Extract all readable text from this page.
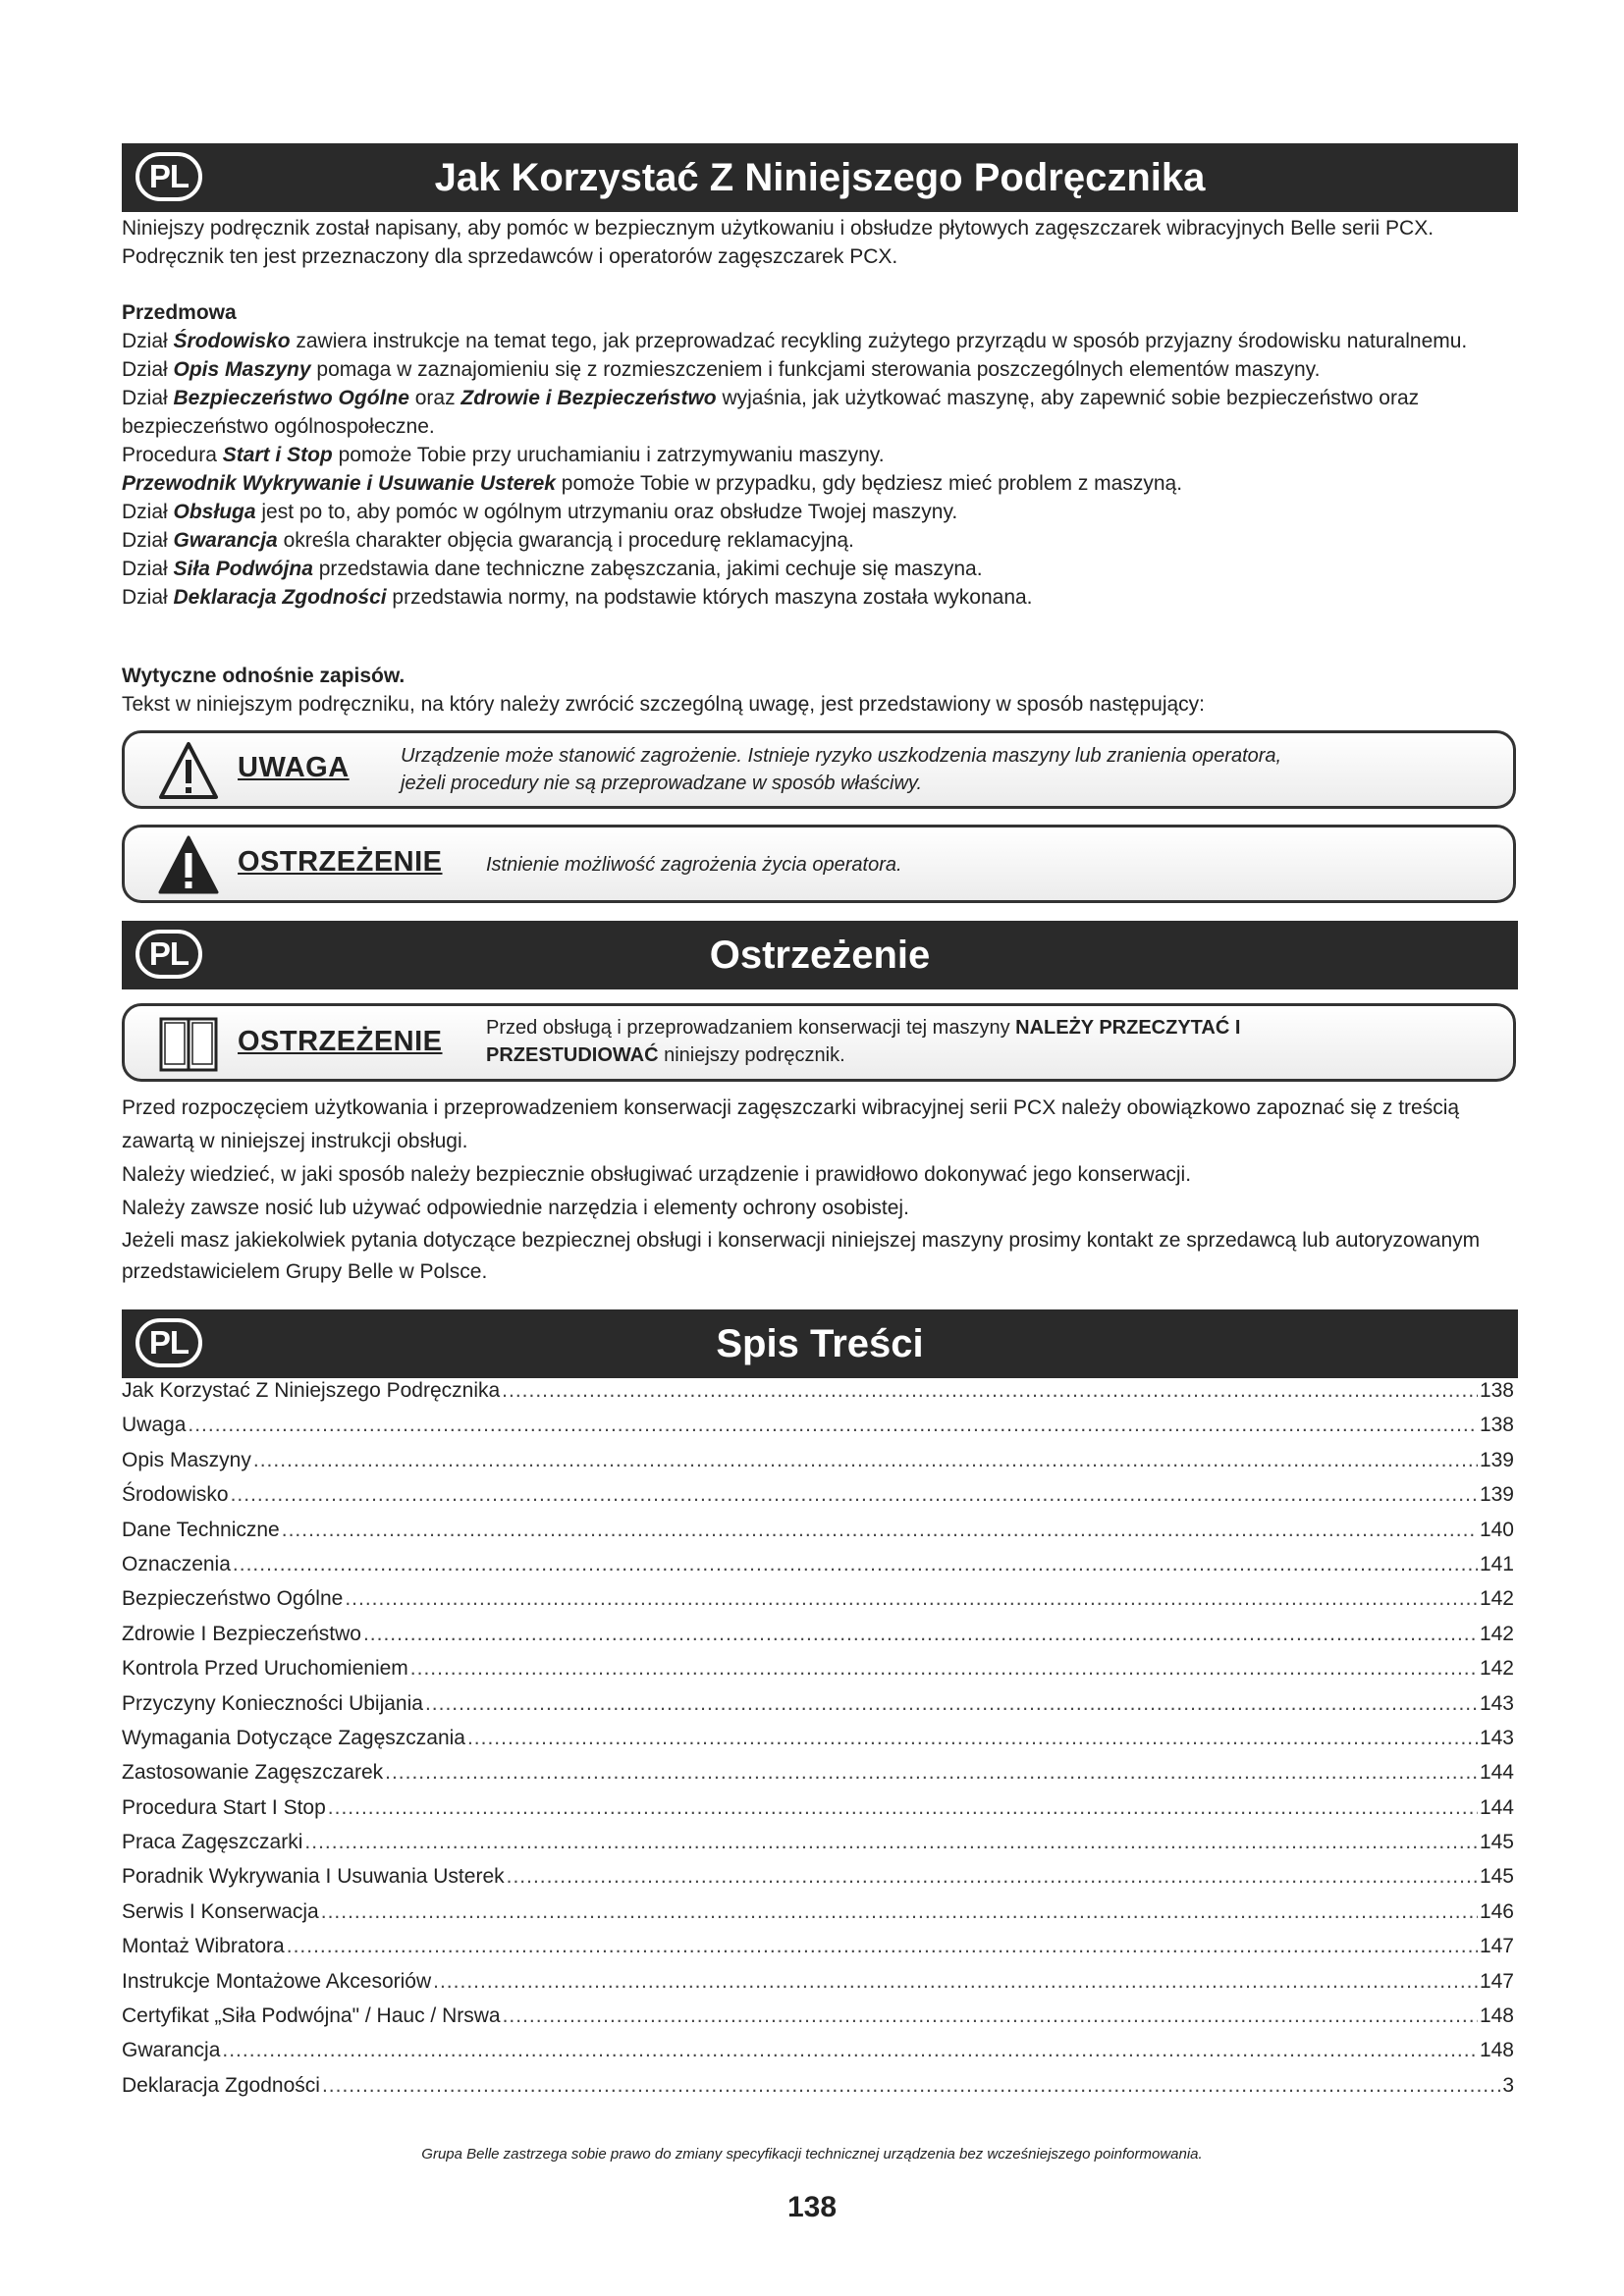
PL	Jak Korzystać Z Niniejszego Podręcznika

Niniejszy podręcznik został napisany, aby pomóc w bezpiecznym użytkowaniu i obsłudze płytowych zagęszczarek wibracyjnych Belle serii PCX. Podręcznik ten jest przeznaczony dla sprzedawców i operatorów zagęszczarek PCX.

Przedmowa

Dział Środowisko zawiera instrukcje na temat tego, jak przeprowadzać recykling zużytego przyrządu w sposób przyjazny środowisku naturalnemu.

Dział Opis Maszyny pomaga w zaznajomieniu się z rozmieszczeniem i funkcjami sterowania poszczególnych elementów maszyny.

Dział Bezpieczeństwo Ogólne oraz Zdrowie i Bezpieczeństwo wyjaśnia, jak użytkować maszynę, aby zapewnić sobie bezpieczeństwo oraz bezpieczeństwo ogólnospołeczne.

Procedura Start i Stop pomoże Tobie przy uruchamianiu i zatrzymywaniu maszyny.

Przewodnik Wykrywanie i Usuwanie Usterek pomoże Tobie w przypadku, gdy będziesz mieć problem z maszyną.

Dział Obsługa jest po to, aby pomóc w ogólnym utrzymaniu oraz obsłudze Twojej maszyny.

Dział Gwarancja określa charakter objęcia gwarancją i procedurę reklamacyjną.

Dział Siła Podwójna przedstawia dane techniczne zabęszczania, jakimi cechuje się maszyna.

Dział Deklaracja Zgodności przedstawia normy, na podstawie których maszyna została wykonana.

Wytyczne odnośnie zapisów.

Tekst w niniejszym podręczniku, na który należy zwrócić szczególną uwagę, jest przedstawiony w sposób następujący:

UWAGA	Urządzenie może stanowić zagrożenie. Istnieje ryzyko uszkodzenia maszyny lub zranienia operatora,
jeżeli procedury nie są przeprowadzane w sposób właściwy.
OSTRZEŻENIE Istnienie możliwość zagrożenia życia operatora.
PL	Ostrzeżenie
OSTRZEŻENIE Przed obsługą i przeprowadzaniem konserwacji tej maszyny NALEŻY PRZECZYTAĆ I
PRZESTUDIOWAĆ niniejszy podręcznik.

Przed rozpoczęciem użytkowania i przeprowadzeniem konserwacji zagęszczarki wibracyjnej serii PCX należy obowiązkowo zapoznać się z treścią zawartą w niniejszej instrukcji obsługi.

Należy wiedzieć, w jaki sposób należy bezpiecznie obsługiwać urządzenie i prawidłowo dokonywać jego konserwacji.

Należy zawsze nosić lub używać odpowiednie narzędzia i elementy ochrony osobistej.

Jeżeli masz jakiekolwiek pytania dotyczące bezpiecznej obsługi i konserwacji niniejszej maszyny prosimy kontakt ze sprzedawcą lub autoryzowanym przedstawicielem Grupy Belle w Polsce.

PL	Spis Treści
Jak Korzystać Z Niniejszego Podręcznika .....	138
Uwaga .....	138
Opis Maszyny .....	139
Środowisko .....	139
Dane Techniczne .....	140
Oznaczenia .....	141
Bezpieczeństwo Ogólne .....	142
Zdrowie I Bezpieczeństwo .....	142
Kontrola Przed Uruchomieniem .....	142
Przyczyny Konieczności Ubijania .....	143
Wymagania Dotyczące Zagęszczania .....	143
Zastosowanie Zagęszczarek .....	144
Procedura Start I Stop .....	144
Praca Zagęszczarki .....	145
Poradnik Wykrywania I Usuwania Usterek .....	145
Serwis I Konserwacja .....	146
Montaż Wibratora .....	147
Instrukcje Montażowe Akcesoriów .....	147
Certyfikat „Siła Podwójna" / Hauc / Nrswa .....	148
Gwarancja .....	148
Deklaracja Zgodności .....	3
Grupa Belle zastrzega sobie prawo do zmiany specyfikacji technicznej urządzenia bez wcześniejszego poinformowania.
138
